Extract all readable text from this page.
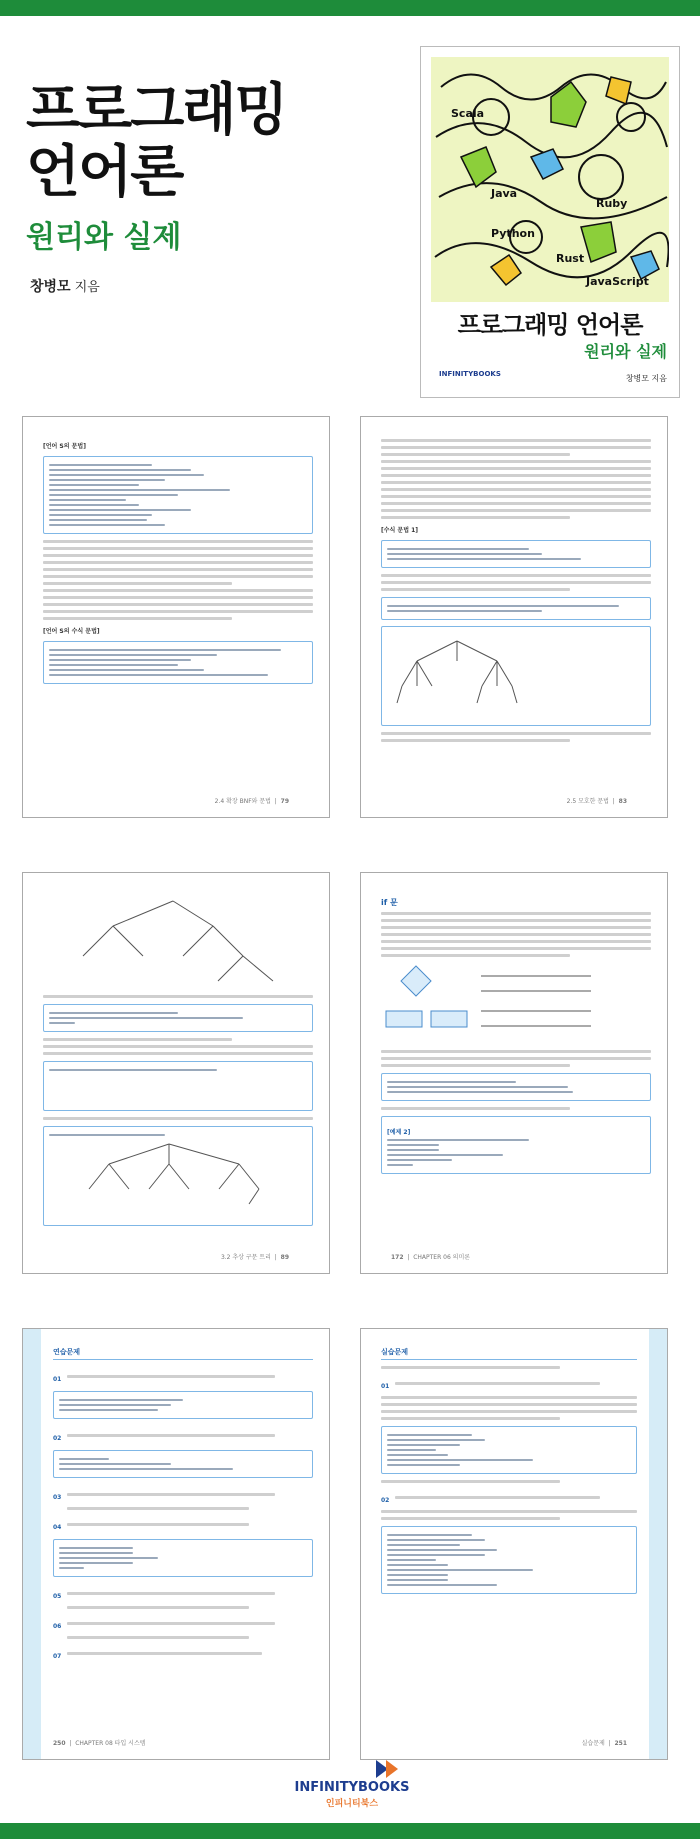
프로그래밍
언어론
원리와 실제
창병모 지음
Java
Python
Rust
Ruby
JavaScript
Scala
프로그래밍 언어론
원리와 실제
INFINITYBOOKS	창병모 지음
[언어 S의 문법]
[언어 S의 수식 문법]
2.4 확장 BNF와 문법  |  79
[수식 문법 1]
2.5 모호한 문법  |  83
3.2 추상 구문 트리  |  89
if 문
[예제 2]
172  |  CHAPTER 06 의미론
연습문제
01
02
03
04
05
06
07
250  |  CHAPTER 08 타입 시스템
실습문제
01
02
실습문제  |  251
INFINITYBOOKS
인피니티북스
